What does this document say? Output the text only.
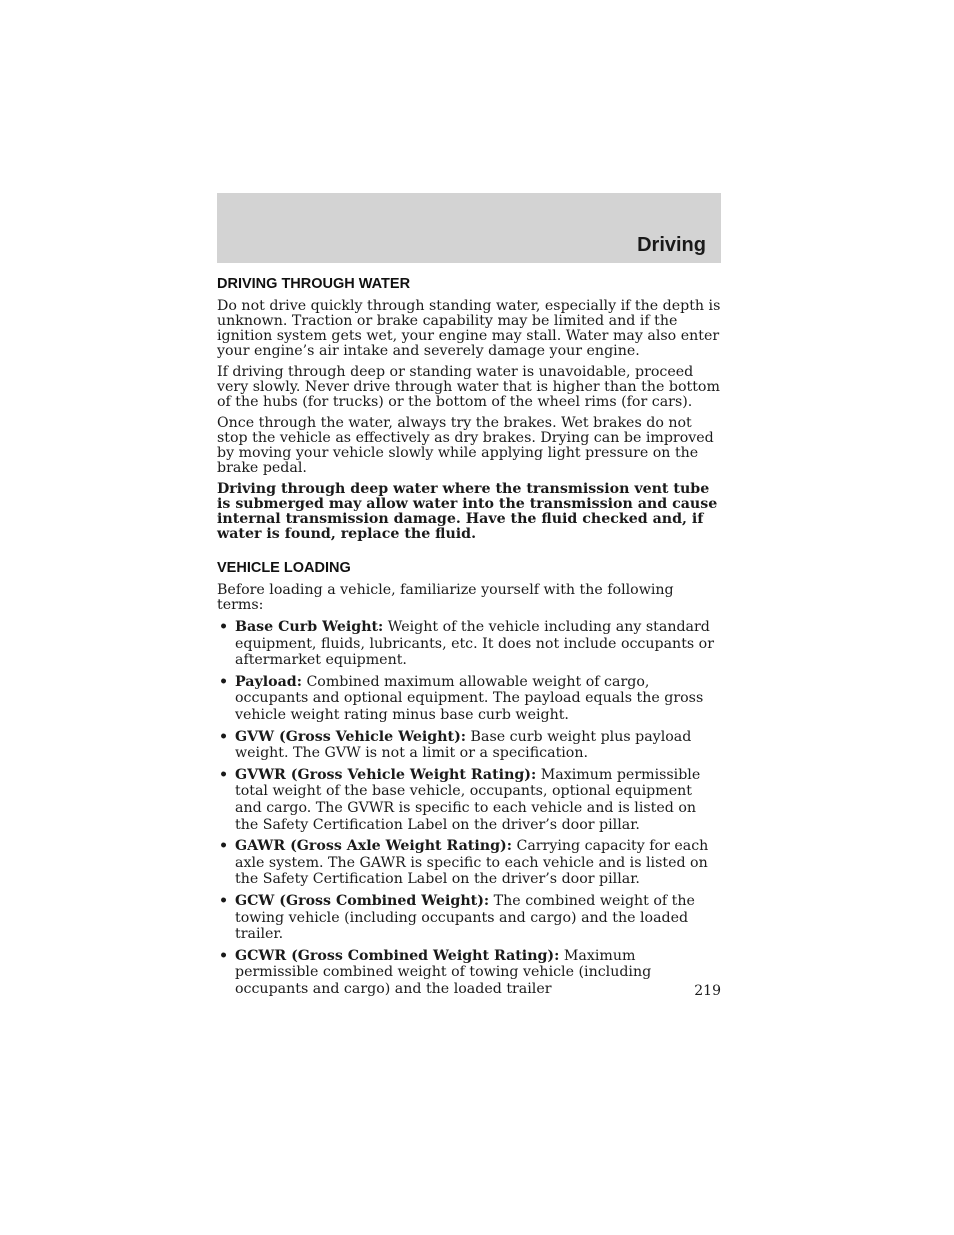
Driving
DRIVING THROUGH WATER

Do not drive quickly through standing water, especially if the depth is unknown. Traction or brake capability may be limited and if the ignition system gets wet, your engine may stall. Water may also enter your engine’s air intake and severely damage your engine.

If driving through deep or standing water is unavoidable, proceed very slowly. Never drive through water that is higher than the bottom of the hubs (for trucks) or the bottom of the wheel rims (for cars).

Once through the water, always try the brakes. Wet brakes do not stop the vehicle as effectively as dry brakes. Drying can be improved by moving your vehicle slowly while applying light pressure on the brake pedal.

Driving through deep water where the transmission vent tube is submerged may allow water into the transmission and cause internal transmission damage. Have the fluid checked and, if water is found, replace the fluid.

VEHICLE LOADING

Before loading a vehicle, familiarize yourself with the following terms:

• Base Curb Weight: Weight of the vehicle including any standard equipment, fluids, lubricants, etc. It does not include occupants or aftermarket equipment.
• Payload: Combined maximum allowable weight of cargo, occupants and optional equipment. The payload equals the gross vehicle weight rating minus base curb weight.
• GVW (Gross Vehicle Weight): Base curb weight plus payload weight. The GVW is not a limit or a specification.
• GVWR (Gross Vehicle Weight Rating): Maximum permissible total weight of the base vehicle, occupants, optional equipment and cargo. The GVWR is specific to each vehicle and is listed on the Safety Certification Label on the driver’s door pillar.
• GAWR (Gross Axle Weight Rating): Carrying capacity for each axle system. The GAWR is specific to each vehicle and is listed on the Safety Certification Label on the driver’s door pillar.
• GCW (Gross Combined Weight): The combined weight of the towing vehicle (including occupants and cargo) and the loaded trailer.
• GCWR (Gross Combined Weight Rating): Maximum permissible combined weight of towing vehicle (including occupants and cargo) and the loaded trailer	219
